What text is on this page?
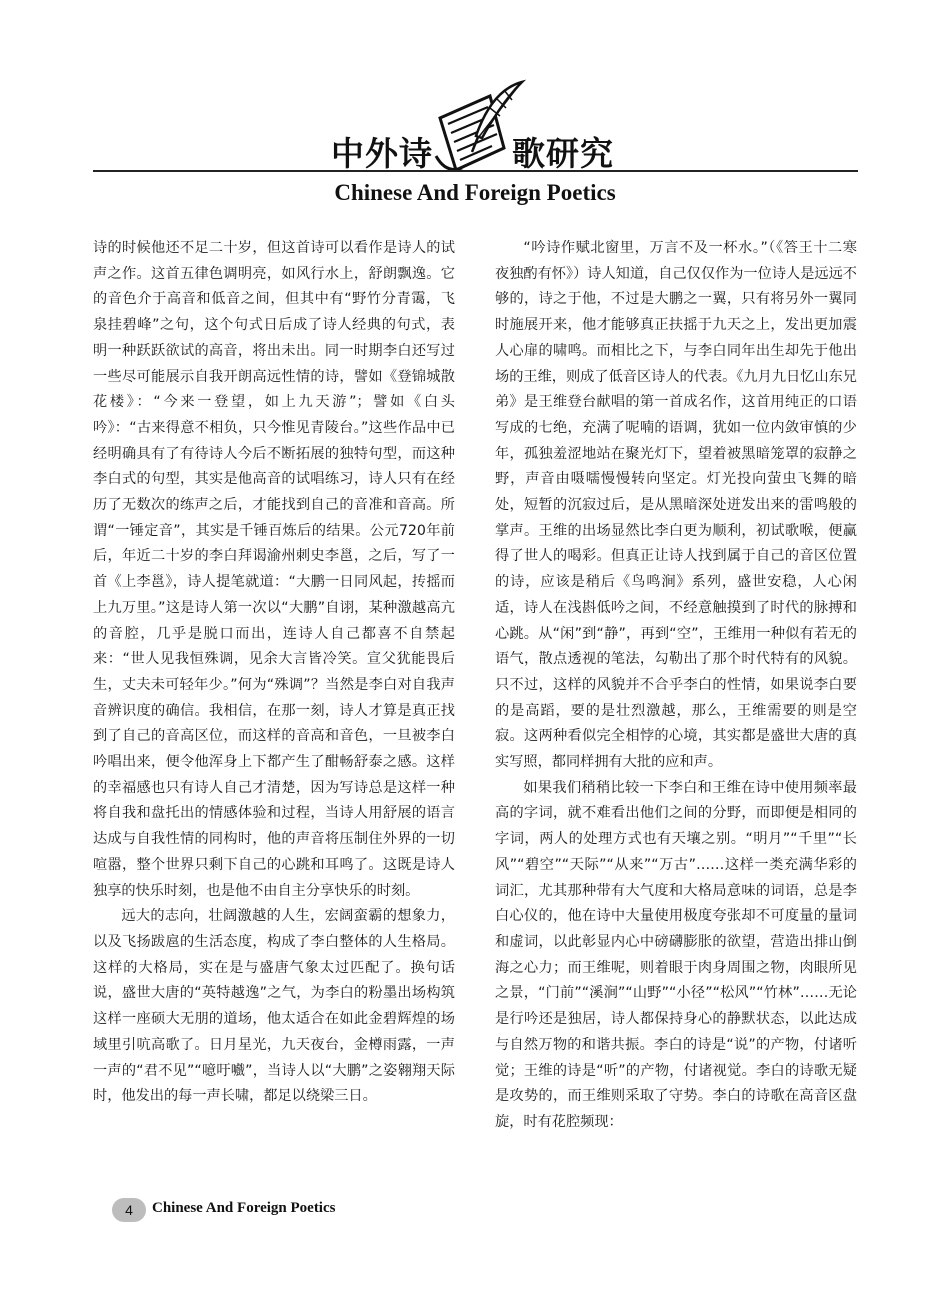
中外诗 歌研究
Chinese And Foreign Poetics

诗的时候他还不足二十岁，但这首诗可以看作是诗人的试声之作。这首五律色调明亮，如风行水上，舒朗飘逸。它的音色介于高音和低音之间，但其中有“野竹分青霭，飞泉挂碧峰”之句，这个句式日后成了诗人经典的句式，表明一种跃跃欲试的高音，将出未出。同一时期李白还写过一些尽可能展示自我开朗高远性情的诗，譬如《登锦城散花楼》：“今来一登望，如上九天游”；譬如《白头吟》：“古来得意不相负，只今惟见青陵台。”这些作品中已经明确具有了有待诗人今后不断拓展的独特句型，而这种李白式的句型，其实是他高音的试唱练习，诗人只有在经历了无数次的练声之后，才能找到自己的音准和音高。所谓“一锤定音”，其实是千锤百炼后的结果。公元720年前后，年近二十岁的李白拜谒渝州刺史李邕，之后，写了一首《上李邕》，诗人提笔就道：“大鹏一日同风起，抟摇而上九万里。”这是诗人第一次以“大鹏”自诩，某种激越高亢的音腔，几乎是脱口而出，连诗人自己都喜不自禁起来：“世人见我恒殊调，见余大言皆冷笑。宣父犹能畏后生，丈夫未可轻年少。”何为“殊调”？当然是李白对自我声音辨识度的确信。我相信，在那一刻，诗人才算是真正找到了自己的音高区位，而这样的音高和音色，一旦被李白吟唱出来，便令他浑身上下都产生了酣畅舒泰之感。这样的幸福感也只有诗人自己才清楚，因为写诗总是这样一种将自我和盘托出的情感体验和过程，当诗人用舒展的语言达成与自我性情的同构时，他的声音将压制住外界的一切喧嚣，整个世界只剩下自己的心跳和耳鸣了。这既是诗人独享的快乐时刻，也是他不由自主分享快乐的时刻。

远大的志向，壮阔激越的人生，宏阔蛮霸的想象力，以及飞扬跋扈的生活态度，构成了李白整体的人生格局。这样的大格局，实在是与盛唐气象太过匹配了。换句话说，盛世大唐的“英特越逸”之气，为李白的粉墨出场构筑这样一座硕大无朋的道场，他太适合在如此金碧辉煌的场域里引吭高歌了。日月星光，九天夜台，金樽雨露，一声一声的“君不见”“噫吁嚱”，当诗人以“大鹏”之姿翱翔天际时，他发出的每一声长啸，都足以绕梁三日。

“吟诗作赋北窗里，万言不及一杯水。”（《答王十二寒夜独酌有怀》）诗人知道，自己仅仅作为一位诗人是远远不够的，诗之于他，不过是大鹏之一翼，只有将另外一翼同时施展开来，他才能够真正扶摇于九天之上，发出更加震人心扉的啸鸣。而相比之下，与李白同年出生却先于他出场的王维，则成了低音区诗人的代表。《九月九日忆山东兄弟》是王维登台献唱的第一首成名作，这首用纯正的口语写成的七绝，充满了呢喃的语调，犹如一位内敛审慎的少年，孤独羞涩地站在聚光灯下，望着被黑暗笼罩的寂静之野，声音由嗫嚅慢慢转向坚定。灯光投向萤虫飞舞的暗处，短暂的沉寂过后，是从黑暗深处迸发出来的雷鸣般的掌声。王维的出场显然比李白更为顺利，初试歌喉，便赢得了世人的喝彩。但真正让诗人找到属于自己的音区位置的诗，应该是稍后《鸟鸣涧》系列，盛世安稳，人心闲适，诗人在浅斟低吟之间，不经意触摸到了时代的脉搏和心跳。从“闲”到“静”，再到“空”，王维用一种似有若无的语气，散点透视的笔法，勾勒出了那个时代特有的风貌。只不过，这样的风貌并不合乎李白的性情，如果说李白要的是高蹈，要的是壮烈激越，那么，王维需要的则是空寂。这两种看似完全相悖的心境，其实都是盛世大唐的真实写照，都同样拥有大批的应和声。

如果我们稍稍比较一下李白和王维在诗中使用频率最高的字词，就不难看出他们之间的分野，而即便是相同的字词，两人的处理方式也有天壤之别。“明月”“千里”“长风”“碧空”“天际”“从来”“万古”……这样一类充满华彩的词汇，尤其那种带有大气度和大格局意味的词语，总是李白心仪的，他在诗中大量使用极度夸张却不可度量的量词和虚词，以此彰显内心中磅礴膨胀的欲望，营造出排山倒海之心力；而王维呢，则着眼于肉身周围之物，肉眼所见之景，“门前”“溪涧”“山野”“小径”“松风”“竹林”……无论是行吟还是独居，诗人都保持身心的静默状态，以此达成与自然万物的和谐共振。李白的诗是“说”的产物，付诸听觉；王维的诗是“听”的产物，付诸视觉。李白的诗歌无疑是攻势的，而王维则采取了守势。李白的诗歌在高音区盘旋，时有花腔频现：

4	Chinese And Foreign Poetics
